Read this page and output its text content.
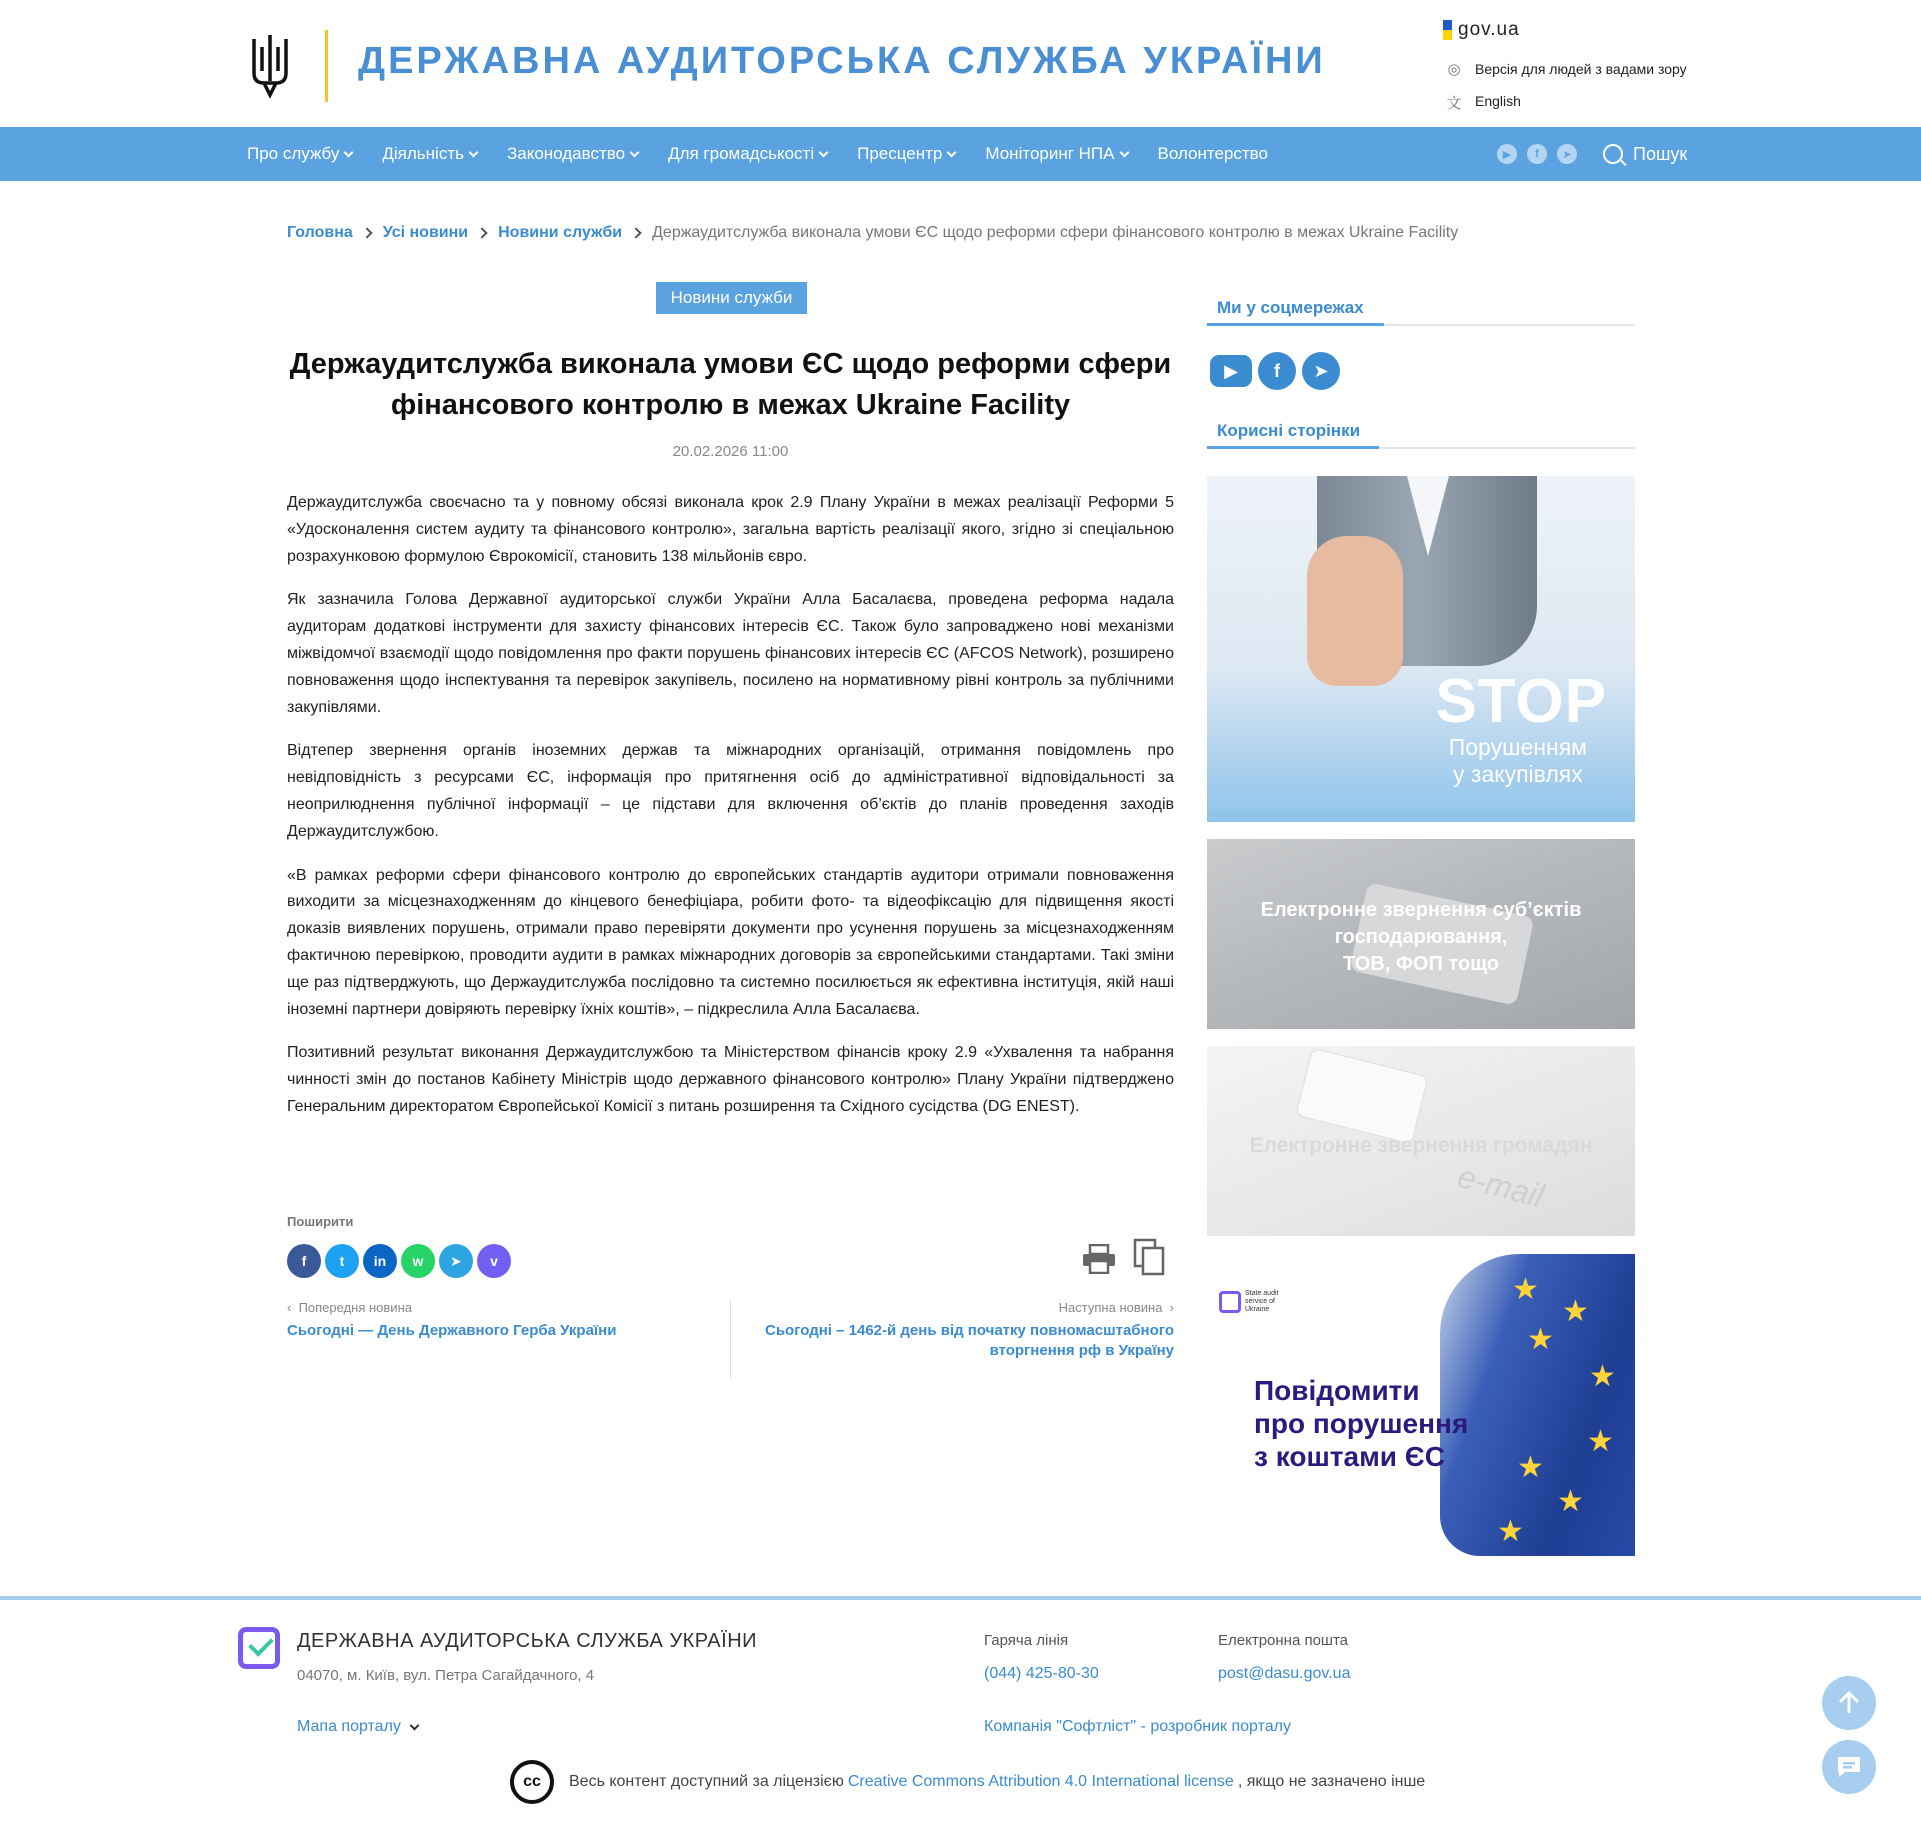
ДЕРЖАВНА АУДИТОРСЬКА СЛУЖБА УКРАЇНИ
gov.ua
◎	Версія для людей з вадами зору
文 English
Про службу	Діяльність	Законодавство	Для громадськості	Пресцентр	Моніторинг НПА	Волонтерство	▶	f	➤	Пошук
Головна Усі новини Новини служби Держаудитслужба виконала умови ЄС щодо реформи сфери фінансового контролю в межах Ukraine Facility
Новини служби
Держаудитслужба виконала умови ЄС щодо реформи сфери фінансового контролю в межах Ukraine Facility
20.02.2026 11:00

Держаудитслужба своєчасно та у повному обсязі виконала крок 2.9 Плану України в межах реалізації Реформи 5 «Удосконалення систем аудиту та фінансового контролю», загальна вартість реалізації якого, згідно зі спеціальною розрахунковою формулою Єврокомісії, становить 138 мільйонів євро.

Як зазначила Голова Державної аудиторської служби України Алла Басалаєва, проведена реформа надала аудиторам додаткові інструменти для захисту фінансових інтересів ЄС. Також було запроваджено нові механізми міжвідомчої взаємодії щодо повідомлення про факти порушень фінансових інтересів ЄС (AFCOS Network), розширено повноваження щодо інспектування та перевірок закупівель, посилено на нормативному рівні контроль за публічними закупівлями.

Відтепер звернення органів іноземних держав та міжнародних організацій, отримання повідомлень про невідповідність з ресурсами ЄС, інформація про притягнення осіб до адміністративної відповідальності за неоприлюднення публічної інформації – це підстави для включення об’єктів до планів проведення заходів Держаудитслужбою.

«В рамках реформи сфери фінансового контролю до європейських стандартів аудитори отримали повноваження виходити за місцезнаходженням до кінцевого бенефіціара, робити фото- та відеофіксацію для підвищення якості доказів виявлених порушень, отримали право перевіряти документи про усунення порушень за місцезнаходженням фактичною перевіркою, проводити аудити в рамках міжнародних договорів за європейськими стандартами. Такі зміни ще раз підтверджують, що Держаудитслужба послідовно та системно посилюється як ефективна інституція, якій наші іноземні партнери довіряють перевірку їхніх коштів», – підкреслила Алла Басалаєва.

Позитивний результат виконання Держаудитслужбою та Міністерством фінансів кроку 2.9 «Ухвалення та набрання чинності змін до постанов Кабінету Міністрів щодо державного фінансового контролю» Плану України підтверджено Генеральним директоратом Європейської Комісії з питань розширення та Східного сусідства (DG ENEST).

Поширити
f	t	in	w	➤	v
‹  Попередня новина
Сьогодні — День Державного Герба України
Наступна новина  ›
Сьогодні – 1462-й день від початку повномасштабного вторгнення рф в Україну
Ми у соцмережах
▶	f	➤
Корисні сторінки
STOP
Порушенням
у закупівлях
Електронне звернення суб’єктів
господарювання,
ТОВ, ФОП тощо
Електронне звернення громадян
e-mail
★
★
★
★
★
★
★
★
State audit service of Ukraine
Повідомити
про порушення
з коштами ЄС
ДЕРЖАВНА АУДИТОРСЬКА СЛУЖБА УКРАЇНИ
04070, м. Київ, вул. Петра Сагайдачного, 4
Мапа порталу
Гаряча лінія
(044) 425-80-30
Електронна пошта
post@dasu.gov.ua
Компанія "Софтліст" - розробник порталу
cc	Весь контент доступний за ліцензією Creative Commons Attribution 4.0 International license , якщо не зазначено інше
